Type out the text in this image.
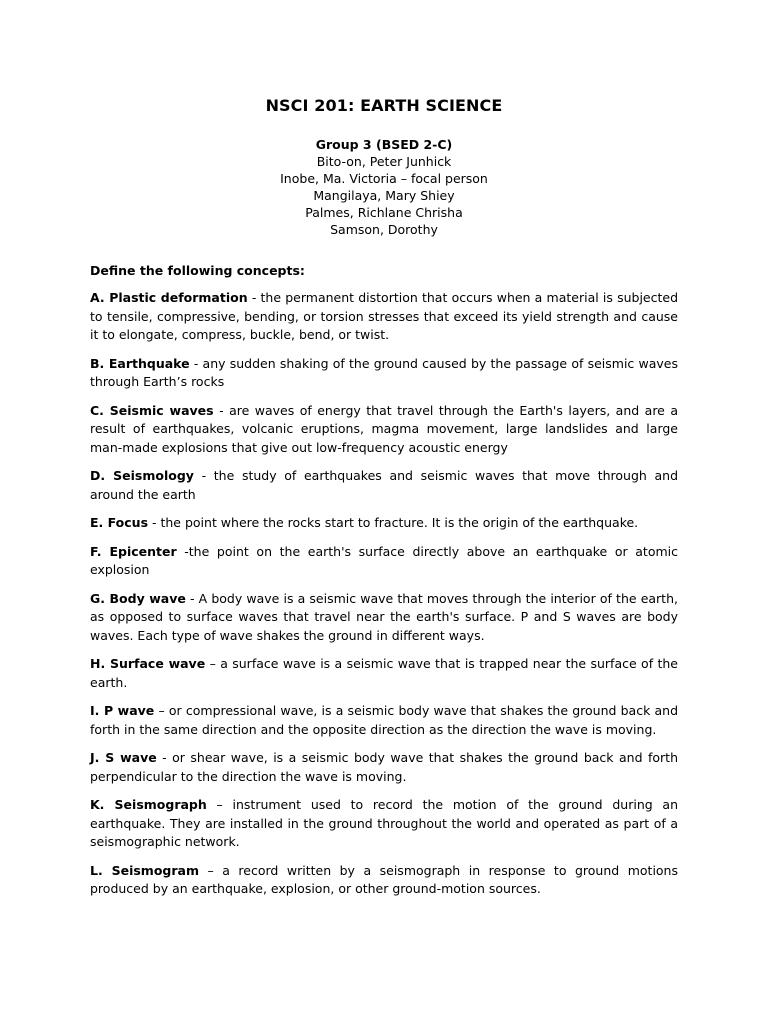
NSCI 201: EARTH SCIENCE
Group 3 (BSED 2-C)
Bito-on, Peter Junhick
Inobe, Ma. Victoria – focal person
Mangilaya, Mary Shiey
Palmes, Richlane Chrisha
Samson, Dorothy
Define the following concepts:

A. Plastic deformation - the permanent distortion that occurs when a material is subjected to tensile, compressive, bending, or torsion stresses that exceed its yield strength and cause it to elongate, compress, buckle, bend, or twist.

B. Earthquake - any sudden shaking of the ground caused by the passage of seismic waves through Earth’s rocks

C. Seismic waves - are waves of energy that travel through the Earth's layers, and are a result of earthquakes, volcanic eruptions, magma movement, large landslides and large man-made explosions that give out low-frequency acoustic energy

D. Seismology - the study of earthquakes and seismic waves that move through and around the earth

E. Focus - the point where the rocks start to fracture. It is the origin of the earthquake.

F. Epicenter -the point on the earth's surface directly above an earthquake or atomic explosion

G. Body wave - A body wave is a seismic wave that moves through the interior of the earth, as opposed to surface waves that travel near the earth's surface. P and S waves are body waves. Each type of wave shakes the ground in different ways.

H. Surface wave – a surface wave is a seismic wave that is trapped near the surface of the earth.

I. P wave – or compressional wave, is a seismic body wave that shakes the ground back and forth in the same direction and the opposite direction as the direction the wave is moving.

J. S wave - or shear wave, is a seismic body wave that shakes the ground back and forth perpendicular to the direction the wave is moving.

K. Seismograph – instrument used to record the motion of the ground during an earthquake. They are installed in the ground throughout the world and operated as part of a seismographic network.

L. Seismogram – a record written by a seismograph in response to ground motions produced by an earthquake, explosion, or other ground-motion sources.
